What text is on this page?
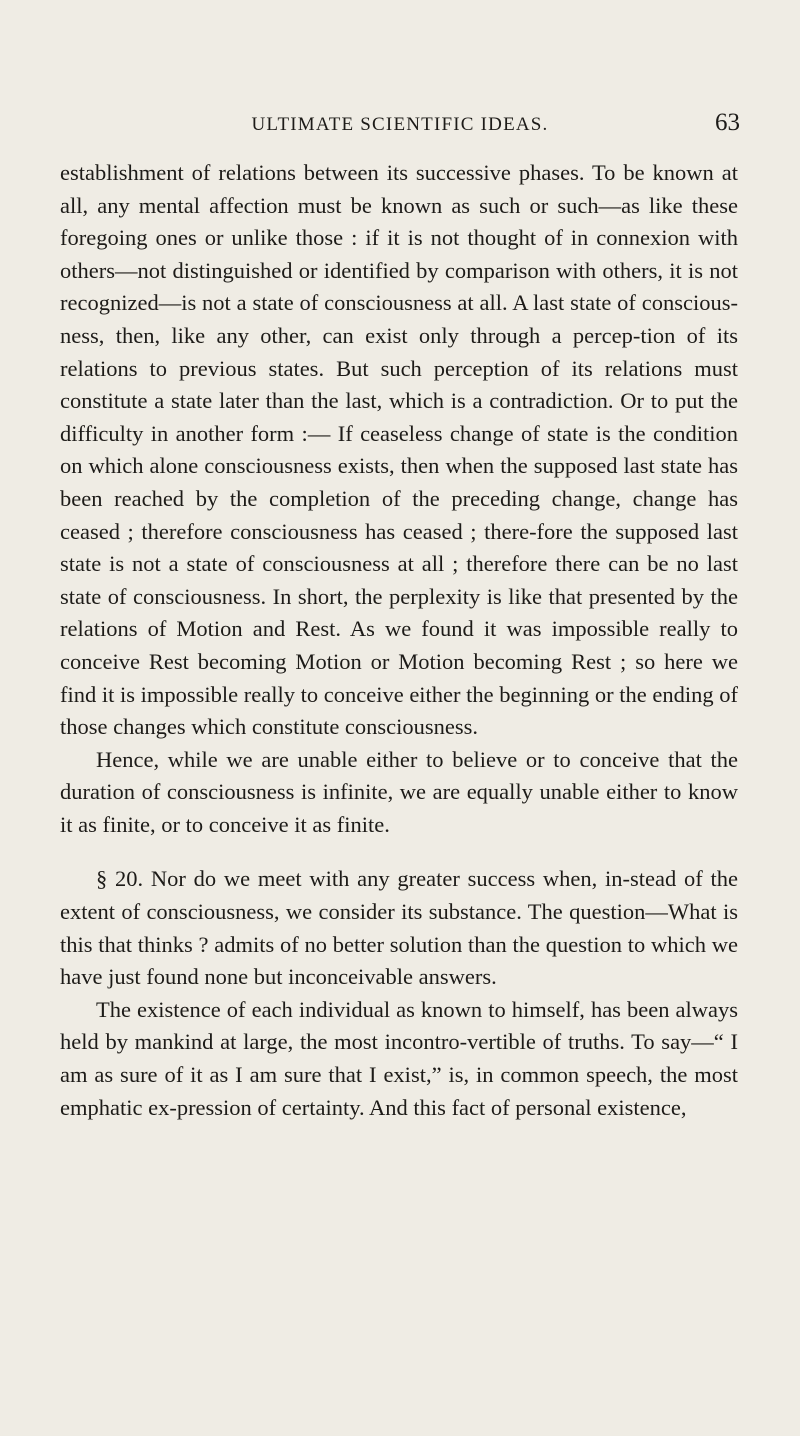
ULTIMATE SCIENTIFIC IDEAS.	63

establishment of relations between its successive phases. To be known at all, any mental affection must be known as such or such—as like these foregoing ones or unlike those : if it is not thought of in connexion with others—not distinguished or identified by comparison with others, it is not recognized—is not a state of consciousness at all. A last state of conscious-ness, then, like any other, can exist only through a percep-tion of its relations to previous states. But such perception of its relations must constitute a state later than the last, which is a contradiction. Or to put the difficulty in another form :— If ceaseless change of state is the condition on which alone consciousness exists, then when the supposed last state has been reached by the completion of the preceding change, change has ceased ; therefore consciousness has ceased ; there-fore the supposed last state is not a state of consciousness at all ; therefore there can be no last state of consciousness. In short, the perplexity is like that presented by the relations of Motion and Rest. As we found it was impossible really to conceive Rest becoming Motion or Motion becoming Rest ; so here we find it is impossible really to conceive either the beginning or the ending of those changes which constitute consciousness.

Hence, while we are unable either to believe or to conceive that the duration of consciousness is infinite, we are equally unable either to know it as finite, or to conceive it as finite.

§ 20. Nor do we meet with any greater success when, in-stead of the extent of consciousness, we consider its substance. The question—What is this that thinks ? admits of no better solution than the question to which we have just found none but inconceivable answers.

The existence of each individual as known to himself, has been always held by mankind at large, the most incontro-vertible of truths. To say—“ I am as sure of it as I am sure that I exist,” is, in common speech, the most emphatic ex-pression of certainty. And this fact of personal existence,
